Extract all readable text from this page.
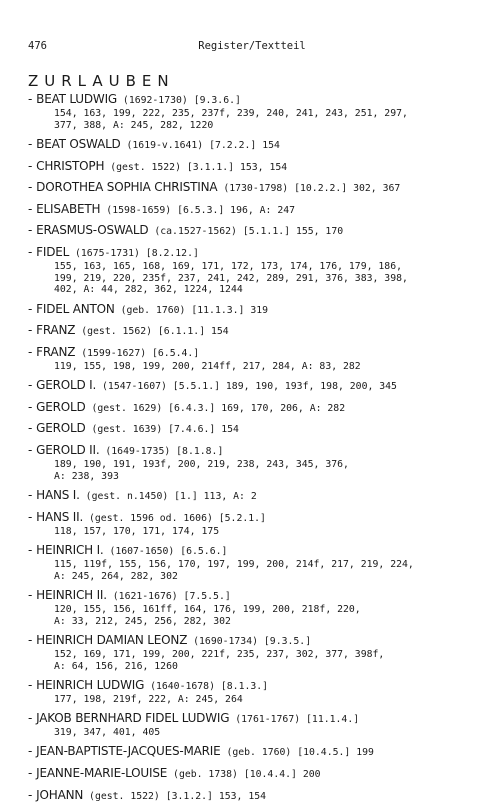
476	Register/Textteil
ZURLAUBEN
- BEAT LUDWIG (1692-1730) [9.3.6.]
154, 163, 199, 222, 235, 237f, 239, 240, 241, 243, 251, 297,
377, 388, A: 245, 282, 1220
- BEAT OSWALD (1619-v.1641) [7.2.2.] 154
- CHRISTOPH (gest. 1522) [3.1.1.] 153, 154
- DOROTHEA SOPHIA CHRISTINA (1730-1798) [10.2.2.] 302, 367
- ELISABETH (1598-1659) [6.5.3.] 196, A: 247
- ERASMUS-OSWALD (ca.1527-1562) [5.1.1.] 155, 170
- FIDEL (1675-1731) [8.2.12.]
155, 163, 165, 168, 169, 171, 172, 173, 174, 176, 179, 186,
199, 219, 220, 235f, 237, 241, 242, 289, 291, 376, 383, 398,
402, A: 44, 282, 362, 1224, 1244
- FIDEL ANTON (geb. 1760) [11.1.3.] 319
- FRANZ (gest. 1562) [6.1.1.] 154
- FRANZ (1599-1627) [6.5.4.]
119, 155, 198, 199, 200, 214ff, 217, 284, A: 83, 282
- GEROLD I. (1547-1607) [5.5.1.] 189, 190, 193f, 198, 200, 345
- GEROLD (gest. 1629) [6.4.3.] 169, 170, 206, A: 282
- GEROLD (gest. 1639) [7.4.6.] 154
- GEROLD II. (1649-1735) [8.1.8.]
189, 190, 191, 193f, 200, 219, 238, 243, 345, 376,
A: 238, 393
- HANS I. (gest. n.1450) [1.] 113, A: 2
- HANS II. (gest. 1596 od. 1606) [5.2.1.]
118, 157, 170, 171, 174, 175
- HEINRICH I. (1607-1650) [6.5.6.]
115, 119f, 155, 156, 170, 197, 199, 200, 214f, 217, 219, 224,
A: 245, 264, 282, 302
- HEINRICH II. (1621-1676) [7.5.5.]
120, 155, 156, 161ff, 164, 176, 199, 200, 218f, 220,
A: 33, 212, 245, 256, 282, 302
- HEINRICH DAMIAN LEONZ (1690-1734) [9.3.5.]
152, 169, 171, 199, 200, 221f, 235, 237, 302, 377, 398f,
A: 64, 156, 216, 1260
- HEINRICH LUDWIG (1640-1678) [8.1.3.]
177, 198, 219f, 222, A: 245, 264
- JAKOB BERNHARD FIDEL LUDWIG (1761-1767) [11.1.4.]
319, 347, 401, 405
- JEAN-BAPTISTE-JACQUES-MARIE (geb. 1760) [10.4.5.] 199
- JEANNE-MARIE-LOUISE (geb. 1738) [10.4.4.] 200
- JOHANN (gest. 1522) [3.1.2.] 153, 154
